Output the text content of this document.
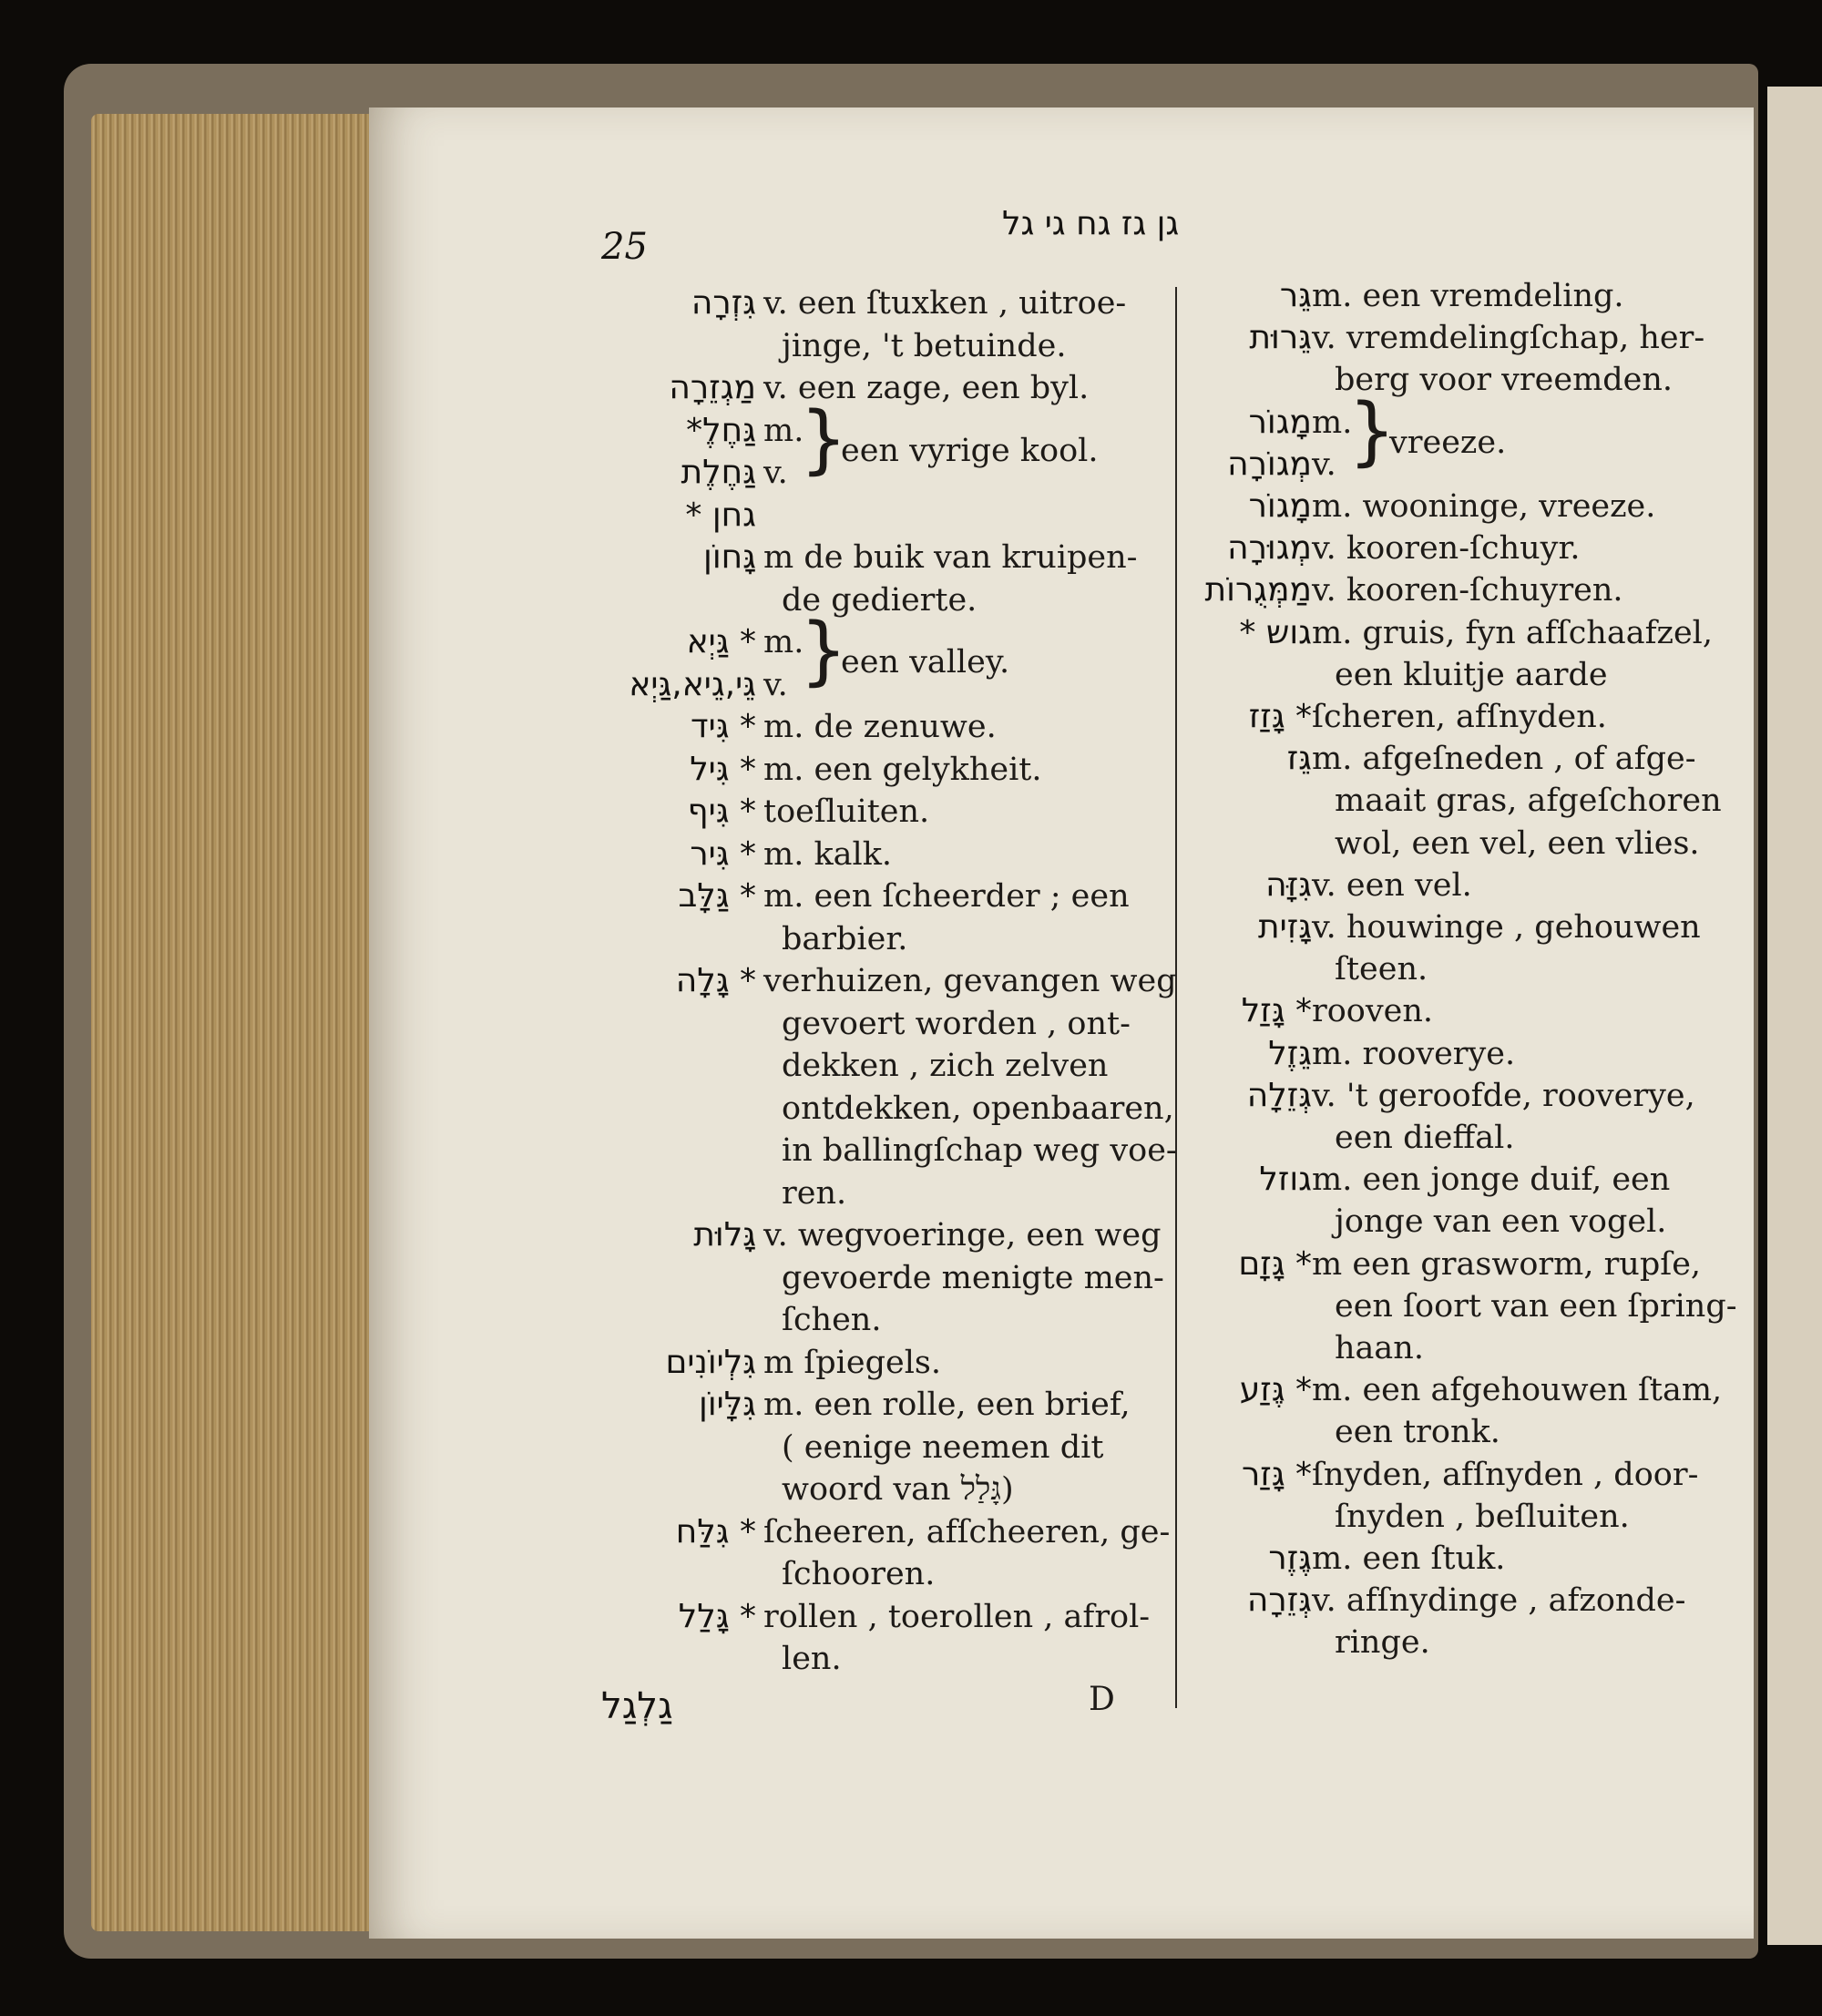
25
גן גז גח גי גל
גַלְגַל	D
גִּזְרָה v. een ſtuxken , uitroe-
jinge, 't betuinde.
מַגְזֵרָה v. een zage, een byl.
גַּחֶלֶ* m.
גַּחֶלֶת v. }
een vyrige kool.
גחן *
גָּחוֹן m de buik van kruipen-
de gedierte.
* גַּיְא m.
גֵּי,גֵיא,גַּיְא v. }
een valley.
* גִּיד m. de zenuwe.
* גִּיל m. een gelykheit.
* גִּיף toeſluiten.
* גִּיר m. kalk.
* גַּלָּב m. een ſcheerder ; een
barbier.
* גָּלָה verhuizen, gevangen weg
gevoert worden , ont-
dekken , zich zelven
ontdekken, openbaaren,
in ballingſchap weg voe-
ren.
גָּלוּת v. wegvoeringe, een weg
gevoerde menigte men-
ſchen.
גִּלְיוֹנִים m ſpiegels.
גִּלָּיוֹן m. een rolle, een brief,
( eenige neemen dit
woord van גָּלַל)
* גִּלַּח ſcheeren, afſcheeren, ge-
ſchooren.
* גָּלַל rollen , toerollen , afrol-
len.
גֵּר m. een vremdeling.
גֵּרוּת v. vremdelingſchap, her-
berg voor vreemden.
מָגוֹר m.
מְגוֹרָה v. }
vreeze.
מָגוֹר m. wooninge, vreeze.
מְגוּרָה v. kooren-ſchuyr.
מַמְּגֻרוֹת v. kooren-ſchuyren.
גוש * m. gruis, fyn afſchaafzel,
een kluitje aarde
* גָּזַז ſcheren, afſnyden.
גֵּז m. afgeſneden , of afge-
maait gras, afgeſchoren
wol, een vel, een vlies.
גִּזָּה v. een vel.
גָּזִית v. houwinge , gehouwen
ſteen.
* גָּזַל rooven.
גֵּזֶל m. rooverye.
גְּזֵלָה v. 't geroofde, rooverye,
een dieffal.
גוזל m. een jonge duif, een
jonge van een vogel.
* גָּזָם m een grasworm, rupſe,
een ſoort van een ſpring-
haan.
* גֶּזַע m. een afgehouwen ſtam,
een tronk.
* גָּזַר ſnyden, afſnyden , door-
ſnyden , beſluiten.
גֶּזֶר m. een ſtuk.
גְּזֵרָה v. afſnydinge , afzonde-
ringe.
